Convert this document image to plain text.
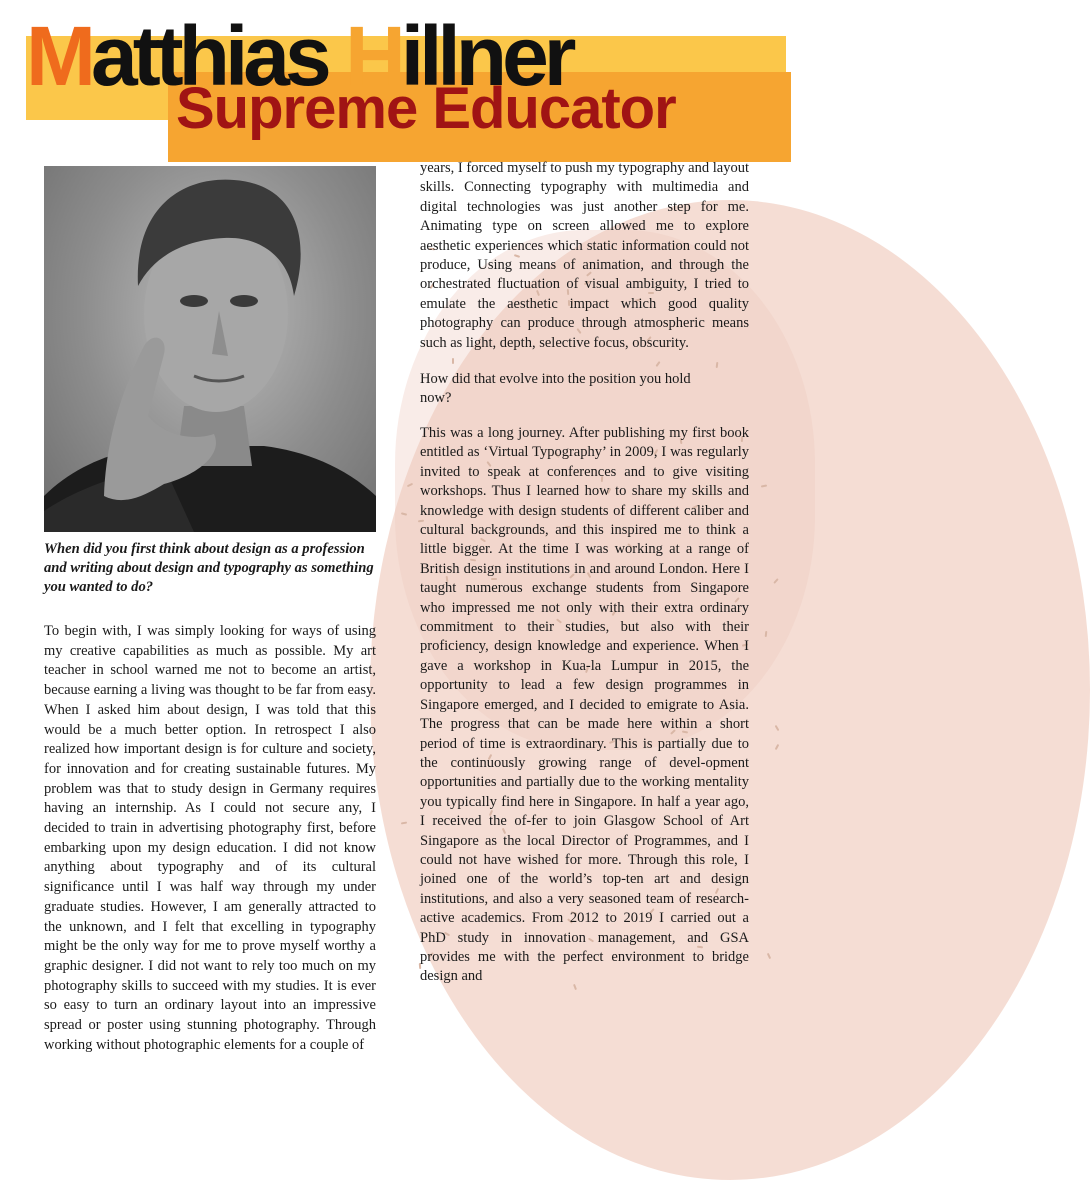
Matthias Hillner
Supreme Educator

When did you first think about design as a profession and writing about design and typography as something you wanted to do?

To begin with, I was simply looking for ways of using my creative capabilities as much as possible. My art teacher in school warned me not to become an artist, because earning a living was thought to be far from easy. When I asked him about design, I was told that this would be a much better option. In retrospect I also realized how important design is for culture and society, for innovation and for creating sustainable futures. My problem was that to study design in Germany requires having an internship. As I could not secure any, I decided to train in advertising photography first, before embarking upon my design education. I did not know anything about typography and of its cultural significance until I was half way through my under graduate studies. However, I am generally attracted to the unknown, and I felt that excelling in typography might be the only way for me to prove myself worthy a graphic designer. I did not want to rely too much on my photography skills to succeed with my studies. It is ever so easy to turn an ordinary layout into an impressive spread or poster using stunning photography. Through working without photographic elements for a couple of

years, I forced myself to push my typography and layout skills. Connecting typography with multimedia and digital technologies was just another step for me. Animating type on screen allowed me to explore aesthetic experiences which static information could not produce, Using means of animation, and through the orchestrated fluctuation of visual ambiguity, I tried to emulate the aesthetic impact which good quality photography can produce through atmospheric means such as light, depth, selective focus, obscurity.

How did that evolve into the position you hold now?

This was a long journey. After publishing my first book entitled as ‘Virtual Typography’ in 2009, I was regularly invited to speak at conferences and to give visiting workshops. Thus I learned how to share my skills and knowledge with design students of different caliber and cultural backgrounds, and this inspired me to think a little bigger. At the time I was working at a range of British design institutions in and around London. Here I taught numerous exchange students from Singapore who impressed me not only with their extra ordinary commitment to their studies, but also with their proficiency, design knowledge and experience. When I gave a workshop in Kua-la Lumpur in 2015, the opportunity to lead a few design programmes in Singapore emerged, and I decided to emigrate to Asia. The progress that can be made here within a short period of time is extraordinary. This is partially due to the continuously growing range of devel-opment opportunities and partially due to the working mentality you typically find here in Singapore. In half a year ago, I received the of-fer to join Glasgow School of Art Singapore as the local Director of Programmes, and I could not have wished for more. Through this role, I joined one of the world’s top-ten art and design institutions, and also a very seasoned team of research-active academics. From 2012 to 2019 I carried out a PhD study in innovation management, and GSA provides me with the perfect environment to bridge design and
